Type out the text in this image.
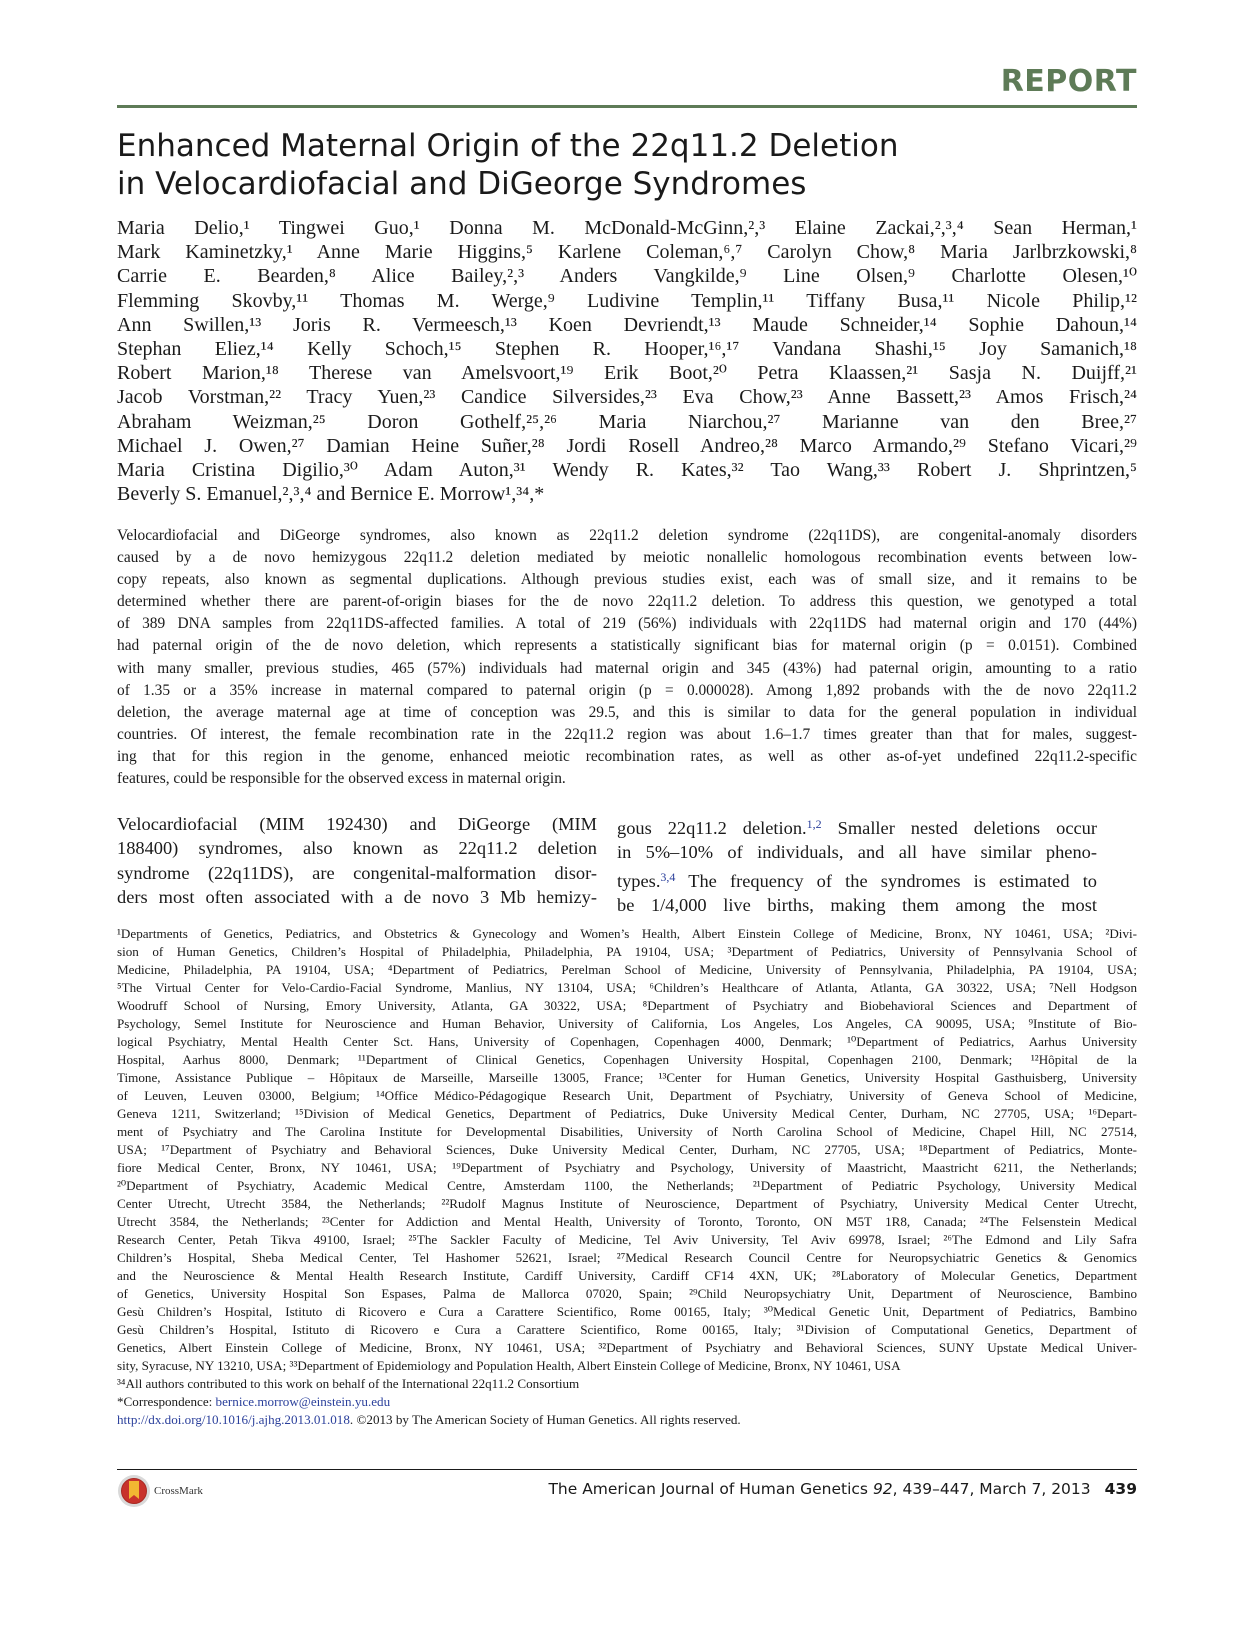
REPORT
Enhanced Maternal Origin of the 22q11.2 Deletion
in Velocardiofacial and DiGeorge Syndromes
Maria Delio,¹ Tingwei Guo,¹ Donna M. McDonald-McGinn,²,³ Elaine Zackai,²,³,⁴ Sean Herman,¹
Mark Kaminetzky,¹ Anne Marie Higgins,⁵ Karlene Coleman,⁶,⁷ Carolyn Chow,⁸ Maria Jarlbrzkowski,⁸
Carrie E. Bearden,⁸ Alice Bailey,²,³ Anders Vangkilde,⁹ Line Olsen,⁹ Charlotte Olesen,¹⁰
Flemming Skovby,¹¹ Thomas M. Werge,⁹ Ludivine Templin,¹¹ Tiffany Busa,¹¹ Nicole Philip,¹²
Ann Swillen,¹³ Joris R. Vermeesch,¹³ Koen Devriendt,¹³ Maude Schneider,¹⁴ Sophie Dahoun,¹⁴
Stephan Eliez,¹⁴ Kelly Schoch,¹⁵ Stephen R. Hooper,¹⁶,¹⁷ Vandana Shashi,¹⁵ Joy Samanich,¹⁸
Robert Marion,¹⁸ Therese van Amelsvoort,¹⁹ Erik Boot,²⁰ Petra Klaassen,²¹ Sasja N. Duijff,²¹
Jacob Vorstman,²² Tracy Yuen,²³ Candice Silversides,²³ Eva Chow,²³ Anne Bassett,²³ Amos Frisch,²⁴
Abraham Weizman,²⁵ Doron Gothelf,²⁵,²⁶ Maria Niarchou,²⁷ Marianne van den Bree,²⁷
Michael J. Owen,²⁷ Damian Heine Suñer,²⁸ Jordi Rosell Andreo,²⁸ Marco Armando,²⁹ Stefano Vicari,²⁹
Maria Cristina Digilio,³⁰ Adam Auton,³¹ Wendy R. Kates,³² Tao Wang,³³ Robert J. Shprintzen,⁵
Beverly S. Emanuel,²,³,⁴ and Bernice E. Morrow¹,³⁴,*
Velocardiofacial and DiGeorge syndromes, also known as 22q11.2 deletion syndrome (22q11DS), are congenital-anomaly disorders
caused by a de novo hemizygous 22q11.2 deletion mediated by meiotic nonallelic homologous recombination events between low-
copy repeats, also known as segmental duplications. Although previous studies exist, each was of small size, and it remains to be
determined whether there are parent-of-origin biases for the de novo 22q11.2 deletion. To address this question, we genotyped a total
of 389 DNA samples from 22q11DS-affected families. A total of 219 (56%) individuals with 22q11DS had maternal origin and 170 (44%)
had paternal origin of the de novo deletion, which represents a statistically significant bias for maternal origin (p = 0.0151). Combined
with many smaller, previous studies, 465 (57%) individuals had maternal origin and 345 (43%) had paternal origin, amounting to a ratio
of 1.35 or a 35% increase in maternal compared to paternal origin (p = 0.000028). Among 1,892 probands with the de novo 22q11.2
deletion, the average maternal age at time of conception was 29.5, and this is similar to data for the general population in individual
countries. Of interest, the female recombination rate in the 22q11.2 region was about 1.6–1.7 times greater than that for males, suggest-
ing that for this region in the genome, enhanced meiotic recombination rates, as well as other as-of-yet undefined 22q11.2-specific
features, could be responsible for the observed excess in maternal origin.
Velocardiofacial (MIM 192430) and DiGeorge (MIM
188400) syndromes, also known as 22q11.2 deletion
syndrome (22q11DS), are congenital-malformation disor-
ders most often associated with a de novo 3 Mb hemizy-
gous 22q11.2 deletion.$^{1,2}$ Smaller nested deletions occur
in 5%–10% of individuals, and all have similar pheno-
types.$^{3,4}$ The frequency of the syndromes is estimated to
be 1/4,000 live births, making them among the most
¹Departments of Genetics, Pediatrics, and Obstetrics & Gynecology and Women’s Health, Albert Einstein College of Medicine, Bronx, NY 10461, USA; ²Divi-
sion of Human Genetics, Children’s Hospital of Philadelphia, Philadelphia, PA 19104, USA; ³Department of Pediatrics, University of Pennsylvania School of
Medicine, Philadelphia, PA 19104, USA; ⁴Department of Pediatrics, Perelman School of Medicine, University of Pennsylvania, Philadelphia, PA 19104, USA;
⁵The Virtual Center for Velo-Cardio-Facial Syndrome, Manlius, NY 13104, USA; ⁶Children’s Healthcare of Atlanta, Atlanta, GA 30322, USA; ⁷Nell Hodgson
Woodruff School of Nursing, Emory University, Atlanta, GA 30322, USA; ⁸Department of Psychiatry and Biobehavioral Sciences and Department of
Psychology, Semel Institute for Neuroscience and Human Behavior, University of California, Los Angeles, Los Angeles, CA 90095, USA; ⁹Institute of Bio-
logical Psychiatry, Mental Health Center Sct. Hans, University of Copenhagen, Copenhagen 4000, Denmark; ¹⁰Department of Pediatrics, Aarhus University
Hospital, Aarhus 8000, Denmark; ¹¹Department of Clinical Genetics, Copenhagen University Hospital, Copenhagen 2100, Denmark; ¹²Hôpital de la
Timone, Assistance Publique – Hôpitaux de Marseille, Marseille 13005, France; ¹³Center for Human Genetics, University Hospital Gasthuisberg, University
of Leuven, Leuven 03000, Belgium; ¹⁴Office Médico-Pédagogique Research Unit, Department of Psychiatry, University of Geneva School of Medicine,
Geneva 1211, Switzerland; ¹⁵Division of Medical Genetics, Department of Pediatrics, Duke University Medical Center, Durham, NC 27705, USA; ¹⁶Depart-
ment of Psychiatry and The Carolina Institute for Developmental Disabilities, University of North Carolina School of Medicine, Chapel Hill, NC 27514,
USA; ¹⁷Department of Psychiatry and Behavioral Sciences, Duke University Medical Center, Durham, NC 27705, USA; ¹⁸Department of Pediatrics, Monte-
fiore Medical Center, Bronx, NY 10461, USA; ¹⁹Department of Psychiatry and Psychology, University of Maastricht, Maastricht 6211, the Netherlands;
²⁰Department of Psychiatry, Academic Medical Centre, Amsterdam 1100, the Netherlands; ²¹Department of Pediatric Psychology, University Medical
Center Utrecht, Utrecht 3584, the Netherlands; ²²Rudolf Magnus Institute of Neuroscience, Department of Psychiatry, University Medical Center Utrecht,
Utrecht 3584, the Netherlands; ²³Center for Addiction and Mental Health, University of Toronto, Toronto, ON M5T 1R8, Canada; ²⁴The Felsenstein Medical
Research Center, Petah Tikva 49100, Israel; ²⁵The Sackler Faculty of Medicine, Tel Aviv University, Tel Aviv 69978, Israel; ²⁶The Edmond and Lily Safra
Children’s Hospital, Sheba Medical Center, Tel Hashomer 52621, Israel; ²⁷Medical Research Council Centre for Neuropsychiatric Genetics & Genomics
and the Neuroscience & Mental Health Research Institute, Cardiff University, Cardiff CF14 4XN, UK; ²⁸Laboratory of Molecular Genetics, Department
of Genetics, University Hospital Son Espases, Palma de Mallorca 07020, Spain; ²⁹Child Neuropsychiatry Unit, Department of Neuroscience, Bambino
Gesù Children’s Hospital, Istituto di Ricovero e Cura a Carattere Scientifico, Rome 00165, Italy; ³⁰Medical Genetic Unit, Department of Pediatrics, Bambino
Gesù Children’s Hospital, Istituto di Ricovero e Cura a Carattere Scientifico, Rome 00165, Italy; ³¹Division of Computational Genetics, Department of
Genetics, Albert Einstein College of Medicine, Bronx, NY 10461, USA; ³²Department of Psychiatry and Behavioral Sciences, SUNY Upstate Medical Univer-
sity, Syracuse, NY 13210, USA; ³³Department of Epidemiology and Population Health, Albert Einstein College of Medicine, Bronx, NY 10461, USA
³⁴All authors contributed to this work on behalf of the International 22q11.2 Consortium
*Correspondence: bernice.morrow@einstein.yu.edu
http://dx.doi.org/10.1016/j.ajhg.2013.01.018. ©2013 by The American Society of Human Genetics. All rights reserved.
CrossMark	The American Journal of Human Genetics 92, 439–447, March 7, 2013 439
